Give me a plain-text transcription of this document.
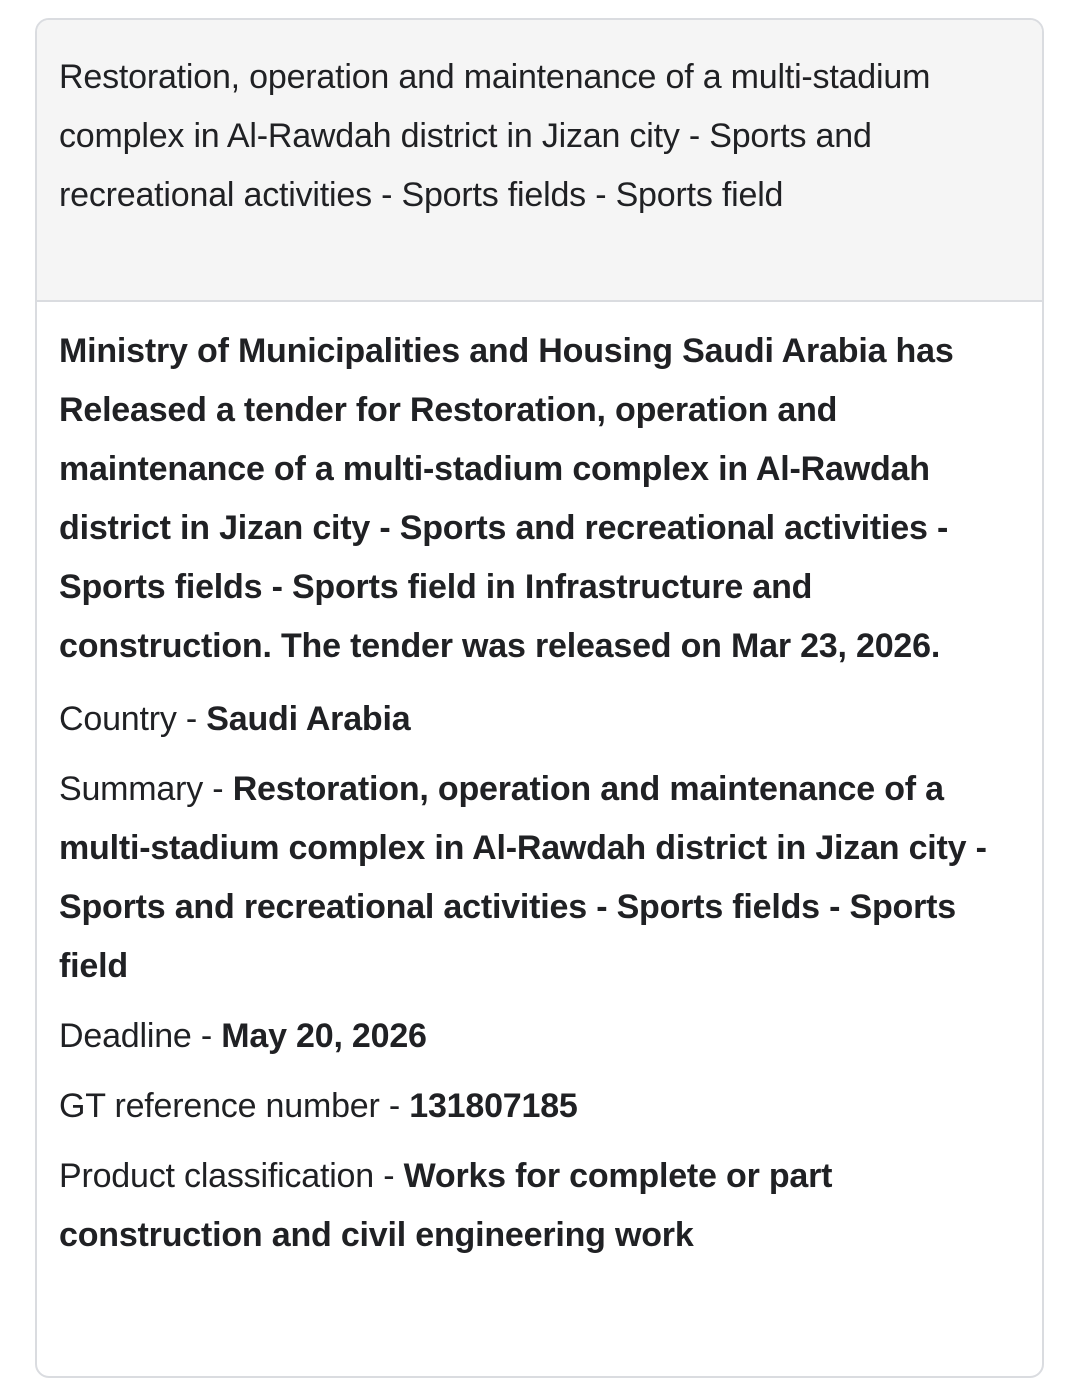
Restoration, operation and maintenance of a multi-stadium complex in Al-Rawdah district in Jizan city - Sports and recreational activities - Sports fields - Sports field

Ministry of Municipalities and Housing Saudi Arabia has Released a tender for Restoration, operation and maintenance of a multi-stadium complex in Al-Rawdah district in Jizan city - Sports and recreational activities - Sports fields - Sports field in Infrastructure and construction. The tender was released on Mar 23, 2026.

Country - Saudi Arabia

Summary - Restoration, operation and maintenance of a multi-stadium complex in Al-Rawdah district in Jizan city - Sports and recreational activities - Sports fields - Sports field

Deadline - May 20, 2026

GT reference number - 131807185

Product classification - Works for complete or part construction and civil engineering work
